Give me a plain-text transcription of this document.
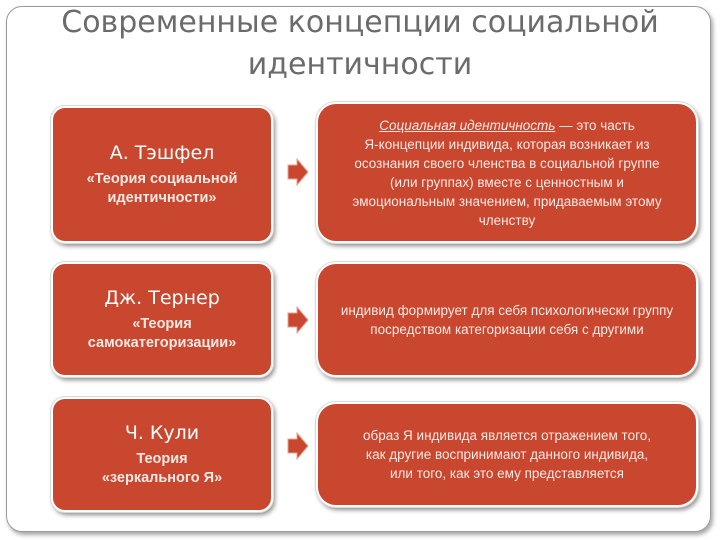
Современные концепции социальной
идентичности
А. Тэшфел
«Теория социальной
идентичности»
Социальная идентичность — это часть
Я-концепции индивида, которая возникает из
осознания своего членства в социальной группе
(или группах) вместе с ценностным и
эмоциональным значением, придаваемым этому
членству
Дж. Тернер
«Теория
самокатегоризации»
индивид формирует для себя психологически группу
посредством категоризации себя с другими
Ч. Кули
Теория
«зеркального Я»
образ Я индивида является отражением того,
как другие воспринимают данного индивида,
или того, как это ему представляется
